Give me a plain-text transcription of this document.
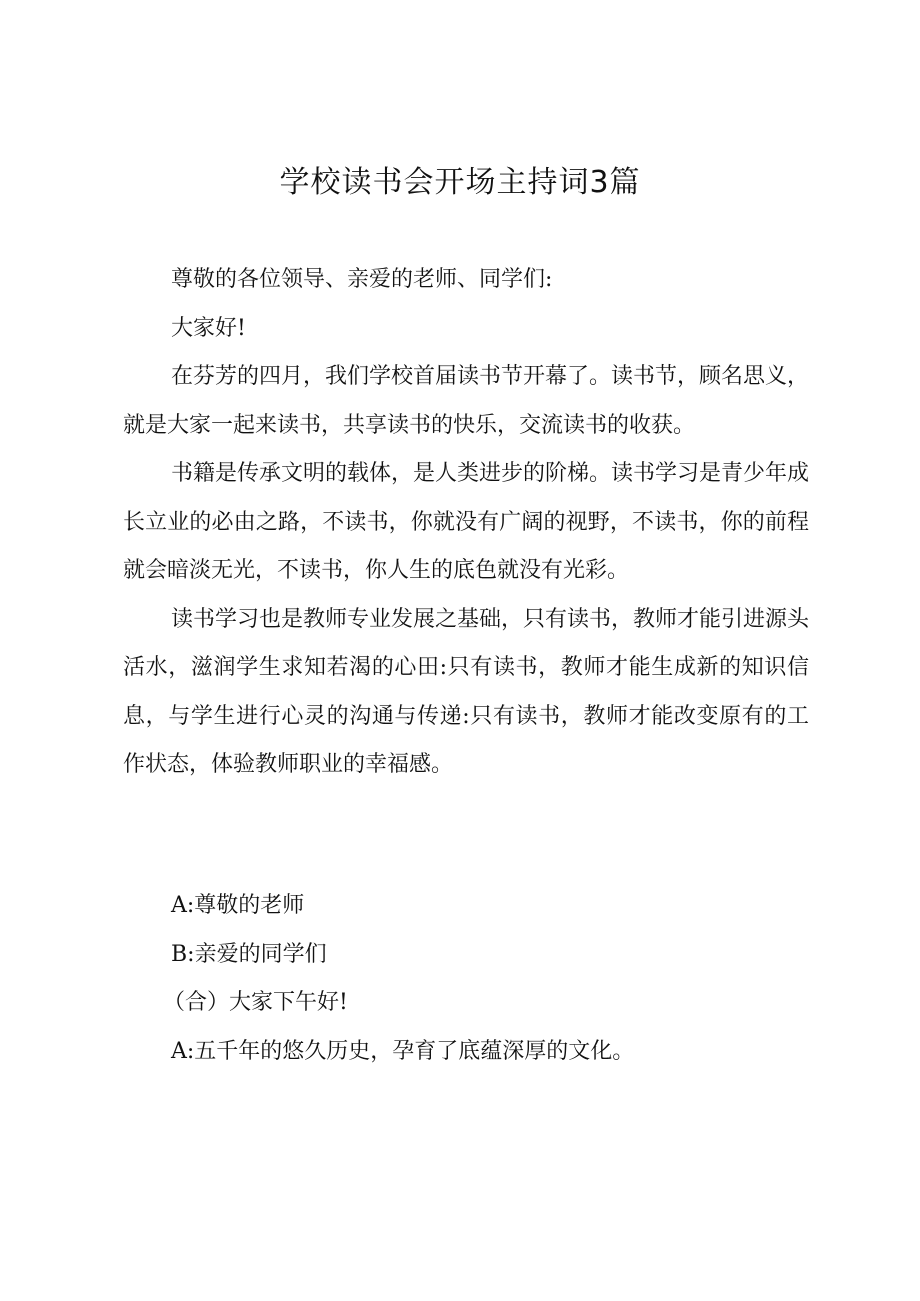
学校读书会开场主持词3篇

尊敬的各位领导、亲爱的老师、同学们:

大家好!

在芬芳的四月，我们学校首届读书节开幕了。读书节，顾名思义，就是大家一起来读书，共享读书的快乐，交流读书的收获。

书籍是传承文明的载体，是人类进步的阶梯。读书学习是青少年成长立业的必由之路，不读书，你就没有广阔的视野，不读书，你的前程就会暗淡无光，不读书，你人生的底色就没有光彩。

读书学习也是教师专业发展之基础，只有读书，教师才能引进源头活水，滋润学生求知若渴的心田:只有读书，教师才能生成新的知识信息，与学生进行心灵的沟通与传递:只有读书，教师才能改变原有的工作状态，体验教师职业的幸福感。

A:尊敬的老师

B:亲爱的同学们

（合）大家下午好!

A:五千年的悠久历史，孕育了底蕴深厚的文化。
